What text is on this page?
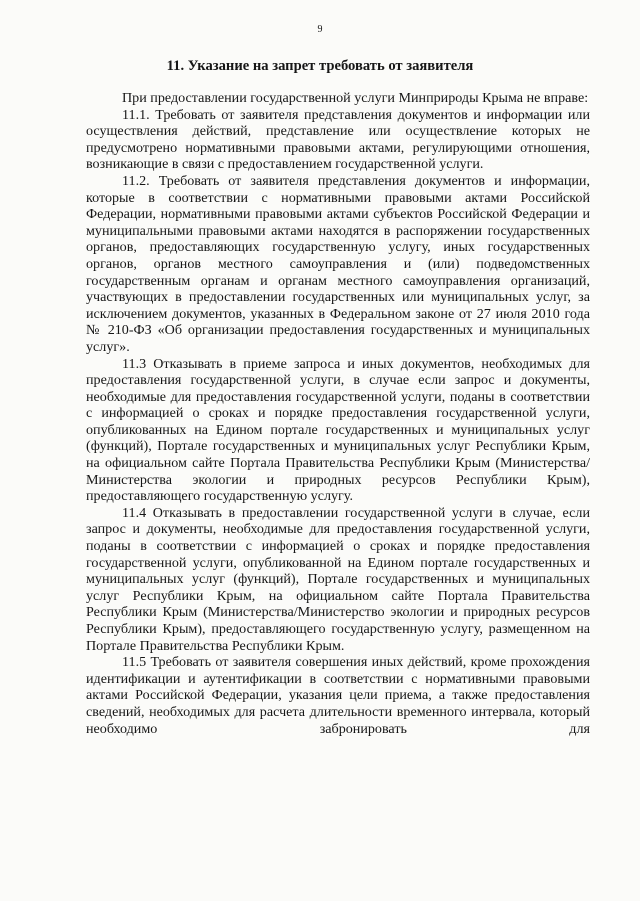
9
11. Указание на запрет требовать от заявителя

При предоставлении государственной услуги Минприроды Крыма не вправе:

11.1. Требовать от заявителя представления документов и информации или осуществления действий, представление или осуществление которых не предусмотрено нормативными правовыми актами, регулирующими отношения, возникающие в связи с предоставлением государственной услуги.

11.2. Требовать от заявителя представления документов и информации, которые в соответствии с нормативными правовыми актами Российской Федерации, нормативными правовыми актами субъектов Российской Федерации и муниципальными правовыми актами находятся в распоряжении государственных органов, предоставляющих государственную услугу, иных государственных органов, органов местного самоуправления и (или) подведомственных государственным органам и органам местного самоуправления организаций, участвующих в предоставлении государственных или муниципальных услуг, за исключением документов, указанных в Федеральном законе от 27 июля 2010 года № 210-ФЗ «Об организации предоставления государственных и муниципальных услуг».

11.3 Отказывать в приеме запроса и иных документов, необходимых для предоставления государственной услуги, в случае если запрос и документы, необходимые для предоставления государственной услуги, поданы в соответствии с информацией о сроках и порядке предоставления государственной услуги, опубликованных на Едином портале государственных и муниципальных услуг (функций), Портале государственных и муниципальных услуг Республики Крым, на официальном сайте Портала Правительства Республики Крым (Министерства/Министерства экологии и природных ресурсов Республики Крым), предоставляющего государственную услугу.

11.4 Отказывать в предоставлении государственной услуги в случае, если запрос и документы, необходимые для предоставления государственной услуги, поданы в соответствии с информацией о сроках и порядке предоставления государственной услуги, опубликованной на Едином портале государственных и муниципальных услуг (функций), Портале государственных и муниципальных услуг Республики Крым, на официальном сайте Портала Правительства Республики Крым (Министерства/Министерство экологии и природных ресурсов Республики Крым), предоставляющего государственную услугу, размещенном на Портале Правительства Республики Крым.

11.5 Требовать от заявителя совершения иных действий, кроме прохождения идентификации и аутентификации в соответствии с нормативными правовыми актами Российской Федерации, указания цели приема, а также предоставления сведений, необходимых для расчета длительности временного интервала, который необходимо забронировать для
